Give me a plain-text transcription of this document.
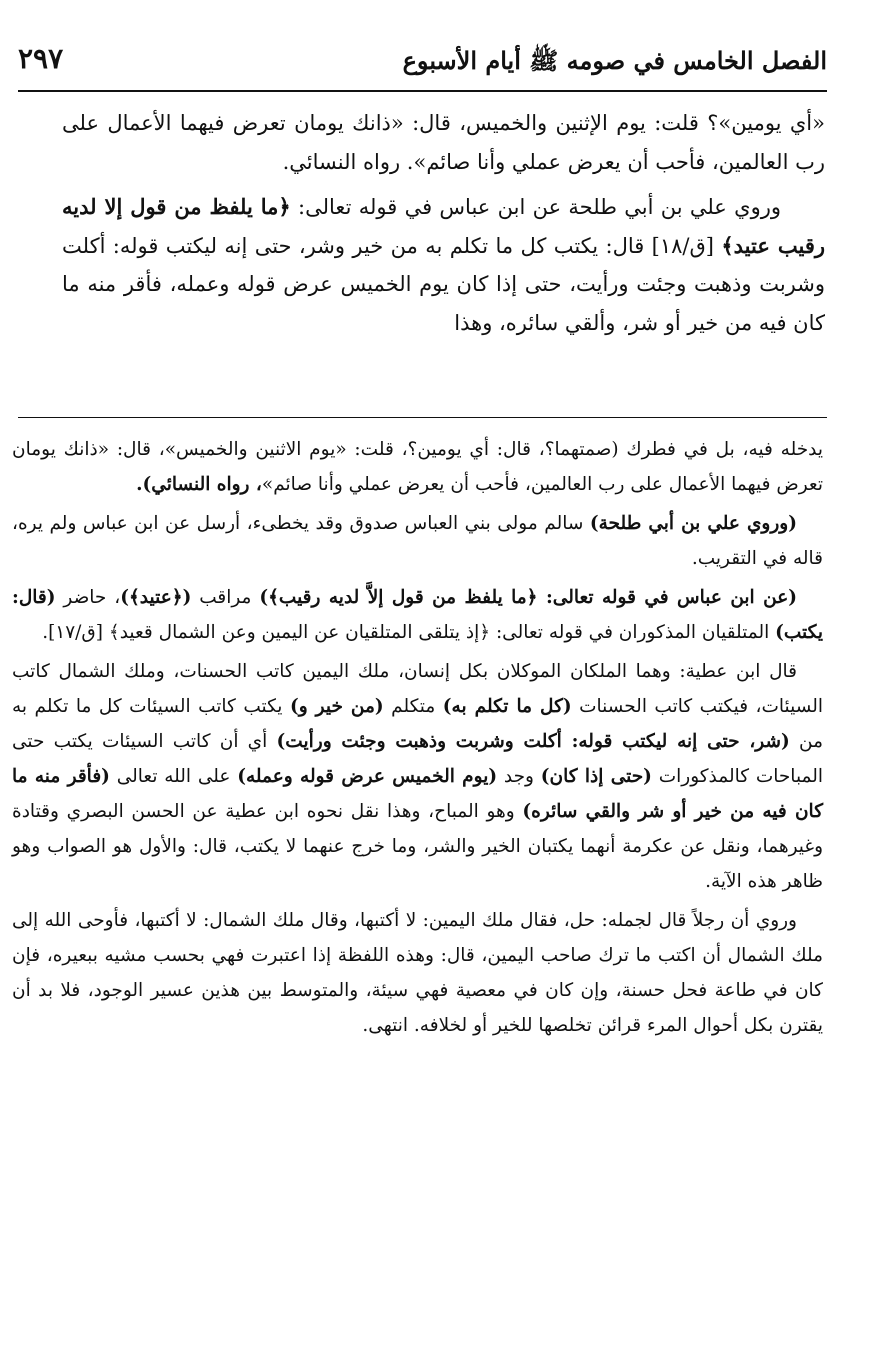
٢٩٧	الفصل الخامس في صومه ﷺ أيام الأسبوع

«أي يومين»؟ قلت: يوم الإثنين والخميس، قال: «ذانك يومان تعرض فيهما الأعمال على رب العالمين، فأحب أن يعرض عملي وأنا صائم». رواه النسائي.

وروي علي بن أبي طلحة عن ابن عباس في قوله تعالى: ﴿ما يلفظ من قول إلا لديه رقيب عتيد﴾ [ق/١٨] قال: يكتب كل ما تكلم به من خير وشر، حتى إنه ليكتب قوله: أكلت وشربت وذهبت وجئت ورأيت، حتى إذا كان يوم الخميس عرض قوله وعمله، فأقر منه ما كان فيه من خير أو شر، وألقي سائره، وهذا

يدخله فيه، بل في فطرك (صمتهما؟، قال: أي يومين؟، قلت: «يوم الاثنين والخميس»، قال: «ذانك يومان تعرض فيهما الأعمال على رب العالمين، فأحب أن يعرض عملي وأنا صائم»، رواه النسائي).

(وروي علي بن أبي طلحة) سالم مولى بني العباس صدوق وقد يخطىء، أرسل عن ابن عباس ولم يره، قاله في التقريب.

(عن ابن عباس في قوله تعالى: ﴿ما يلفظ من قول إلاَّ لديه رقيب﴾) مراقب (﴿عتيد﴾)، حاضر (قال: يكتب) المتلقيان المذكوران في قوله تعالى: ﴿إذ يتلقى المتلقيان عن اليمين وعن الشمال قعيد﴾ [ق/١٧].

قال ابن عطية: وهما الملكان الموكلان بكل إنسان، ملك اليمين كاتب الحسنات، وملك الشمال كاتب السيئات، فيكتب كاتب الحسنات (كل ما تكلم به) متكلم (من خير و) يكتب كاتب السيئات كل ما تكلم به من (شر، حتى إنه ليكتب قوله: أكلت وشربت وذهبت وجئت ورأيت) أي أن كاتب السيئات يكتب حتى المباحات كالمذكورات (حتى إذا كان) وجد (يوم الخميس عرض قوله وعمله) على الله تعالى (فأقر منه ما كان فيه من خير أو شر والقي سائره) وهو المباح، وهذا نقل نحوه ابن عطية عن الحسن البصري وقتادة وغيرهما، ونقل عن عكرمة أنهما يكتبان الخير والشر، وما خرج عنهما لا يكتب، قال: والأول هو الصواب وهو ظاهر هذه الآية.

وروي أن رجلاً قال لجمله: حل، فقال ملك اليمين: لا أكتبها، وقال ملك الشمال: لا أكتبها، فأوحى الله إلى ملك الشمال أن اكتب ما ترك صاحب اليمين، قال: وهذه اللفظة إذا اعتبرت فهي بحسب مشيه ببعيره، فإن كان في طاعة فحل حسنة، وإن كان في معصية فهي سيئة، والمتوسط بين هذين عسير الوجود، فلا بد أن يقترن بكل أحوال المرء قرائن تخلصها للخير أو لخلافه. انتهى.
